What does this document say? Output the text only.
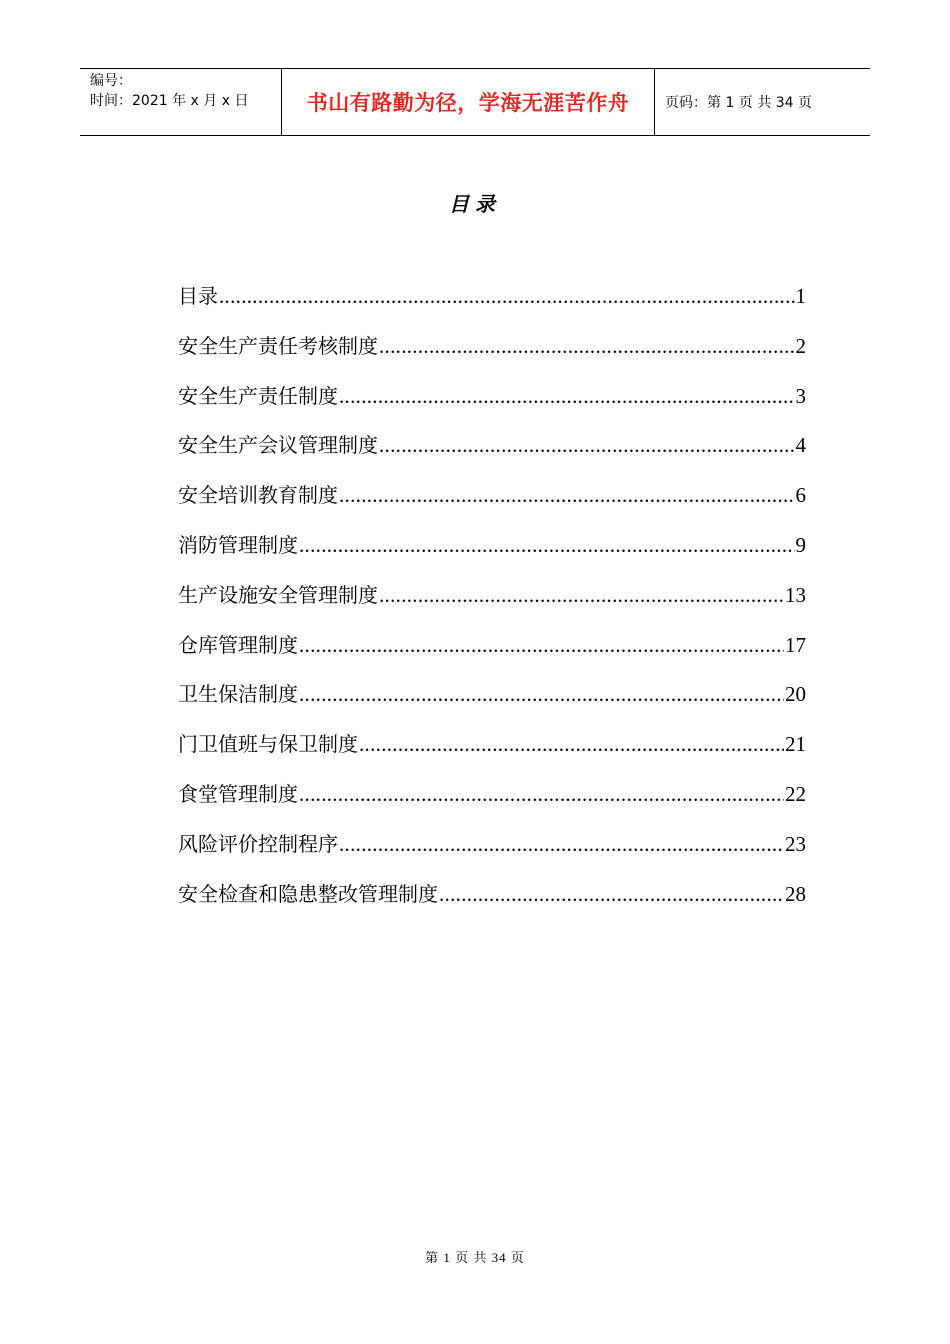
编号：
时间：2021 年 x 月 x 日	书山有路勤为径，学海无涯苦作舟	页码：第 1 页 共 34 页
目录
目录 .....	1
安全生产责任考核制度 .....	2
安全生产责任制度 .....	3
安全生产会议管理制度 .....	4
安全培训教育制度 .....	6
消防管理制度 .....	9
生产设施安全管理制度 .....	13
仓库管理制度 .....	17
卫生保洁制度 .....	20
门卫值班与保卫制度 .....	21
食堂管理制度 .....	22
风险评价控制程序 .....	23
安全检查和隐患整改管理制度 .....	28
第 1 页 共 34 页
